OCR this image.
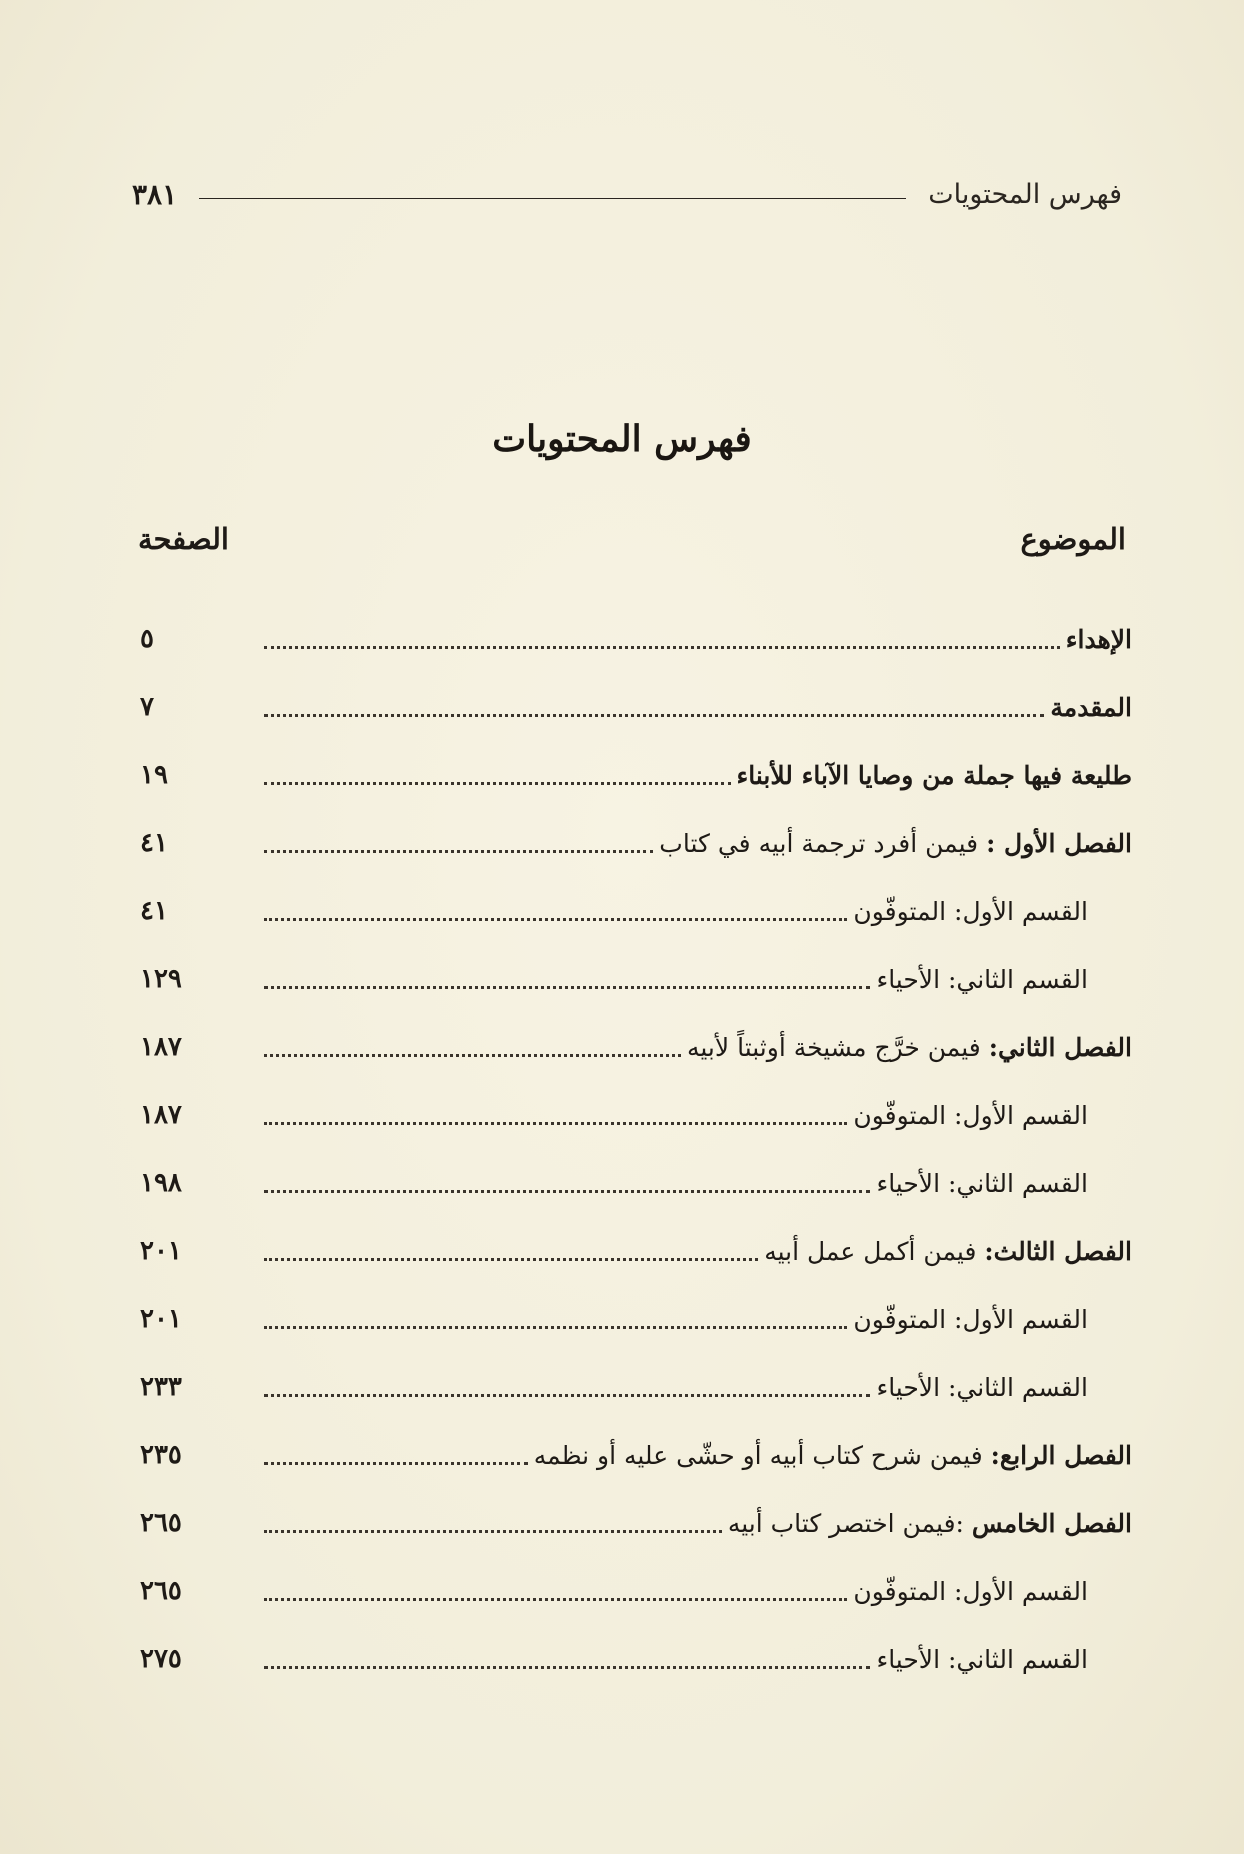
فهرس المحتويات
٣٨١
فهرس المحتويات
الموضوع
الصفحة
الإهداء
٥
المقدمة
٧
طليعة فيها جملة من وصايا الآباء للأبناء
١٩
الفصل الأول : فيمن أفرد ترجمة أبيه في كتاب
٤١
القسم الأول: المتوفّون
٤١
القسم الثاني: الأحياء
١٢٩
الفصل الثاني: فيمن خرَّج مشيخة أوثبتاً لأبيه
١٨٧
القسم الأول: المتوفّون
١٨٧
القسم الثاني: الأحياء
١٩٨
الفصل الثالث: فيمن أكمل عمل أبيه
٢٠١
القسم الأول: المتوفّون
٢٠١
القسم الثاني: الأحياء
٢٣٣
الفصل الرابع: فيمن شرح كتاب أبيه أو حشّى عليه أو نظمه
٢٣٥
الفصل الخامس :فيمن اختصر كتاب أبيه
٢٦٥
القسم الأول: المتوفّون
٢٦٥
القسم الثاني: الأحياء
٢٧٥
